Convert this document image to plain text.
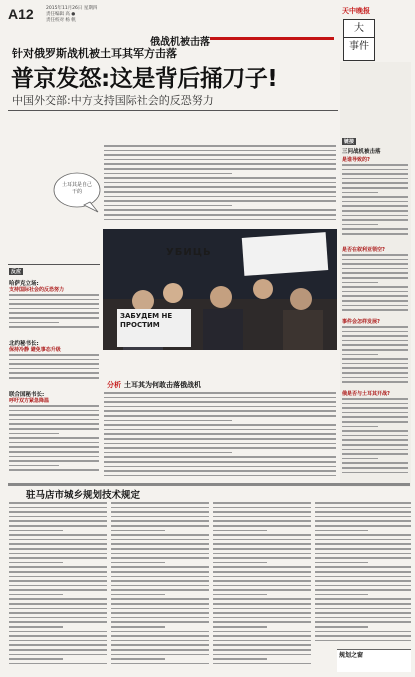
A12	2015年11月26日 星期四
责任编辑 高 ●
责任校对 杨 帆
天中晚报
大
事件
俄战机被击落
针对俄罗斯战机被土耳其军方击落
普京发怒:这是背后捅刀子!
中国外交部:中方支持国际社会的反恐努力
土耳其是自己干的
УБИЦЬ
ЗАБУДЕМ НЕ ПРОСТИМ
分析 土耳其为何敢击落俄战机
反应
哈萨克立场:
支持国际社会的反恐努力
北约秘书长:
保持冷静 避免事态升级
联合国秘书长:
呼吁双方紧急降温
链接
三问战机被击落
是谁导致的?
是否在叙利亚领空?
事件会怎样发展?
俄是否与土耳其开战?
驻马店市城乡规划技术规定
规划之窗
